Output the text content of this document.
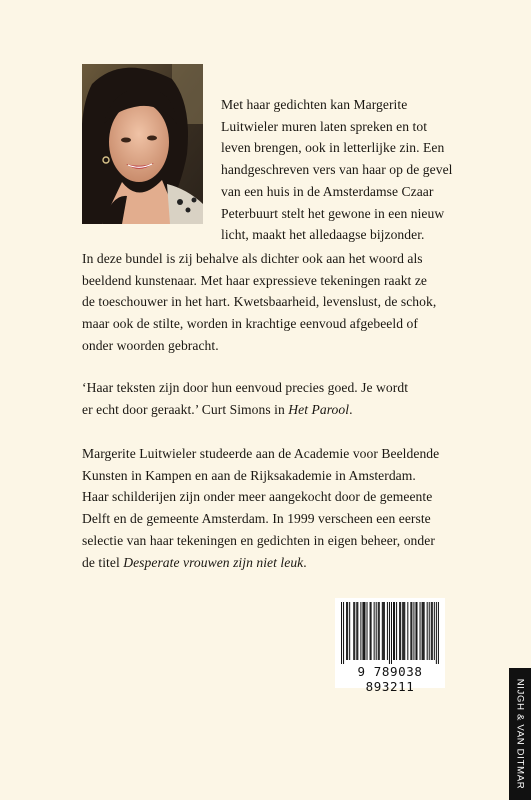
Met haar gedichten kan Margerite
Luitwieler muren laten spreken en tot
leven brengen, ook in letterlijke zin. Een
handgeschreven vers van haar op de gevel
van een huis in de Amsterdamse Czaar
Peterbuurt stelt het gewone in een nieuw
licht, maakt het alledaagse bijzonder.
In deze bundel is zij behalve als dichter ook aan het woord als
beeldend kunstenaar. Met haar expressieve tekeningen raakt ze
de toeschouwer in het hart. Kwetsbaarheid, levenslust, de schok,
maar ook de stilte, worden in krachtige eenvoud afgebeeld of
onder woorden gebracht.
‘Haar teksten zijn door hun eenvoud precies goed. Je wordt
er echt door geraakt.’ Curt Simons in Het Parool.
Margerite Luitwieler studeerde aan de Academie voor Beeldende
Kunsten in Kampen en aan de Rijksakademie in Amsterdam.
Haar schilderijen zijn onder meer aangekocht door de gemeente
Delft en de gemeente Amsterdam. In 1999 verscheen een eerste
selectie van haar tekeningen en gedichten in eigen beheer, onder
de titel Desperate vrouwen zijn niet leuk.
9 789038 893211	NIJGH & VAN DITMAR
